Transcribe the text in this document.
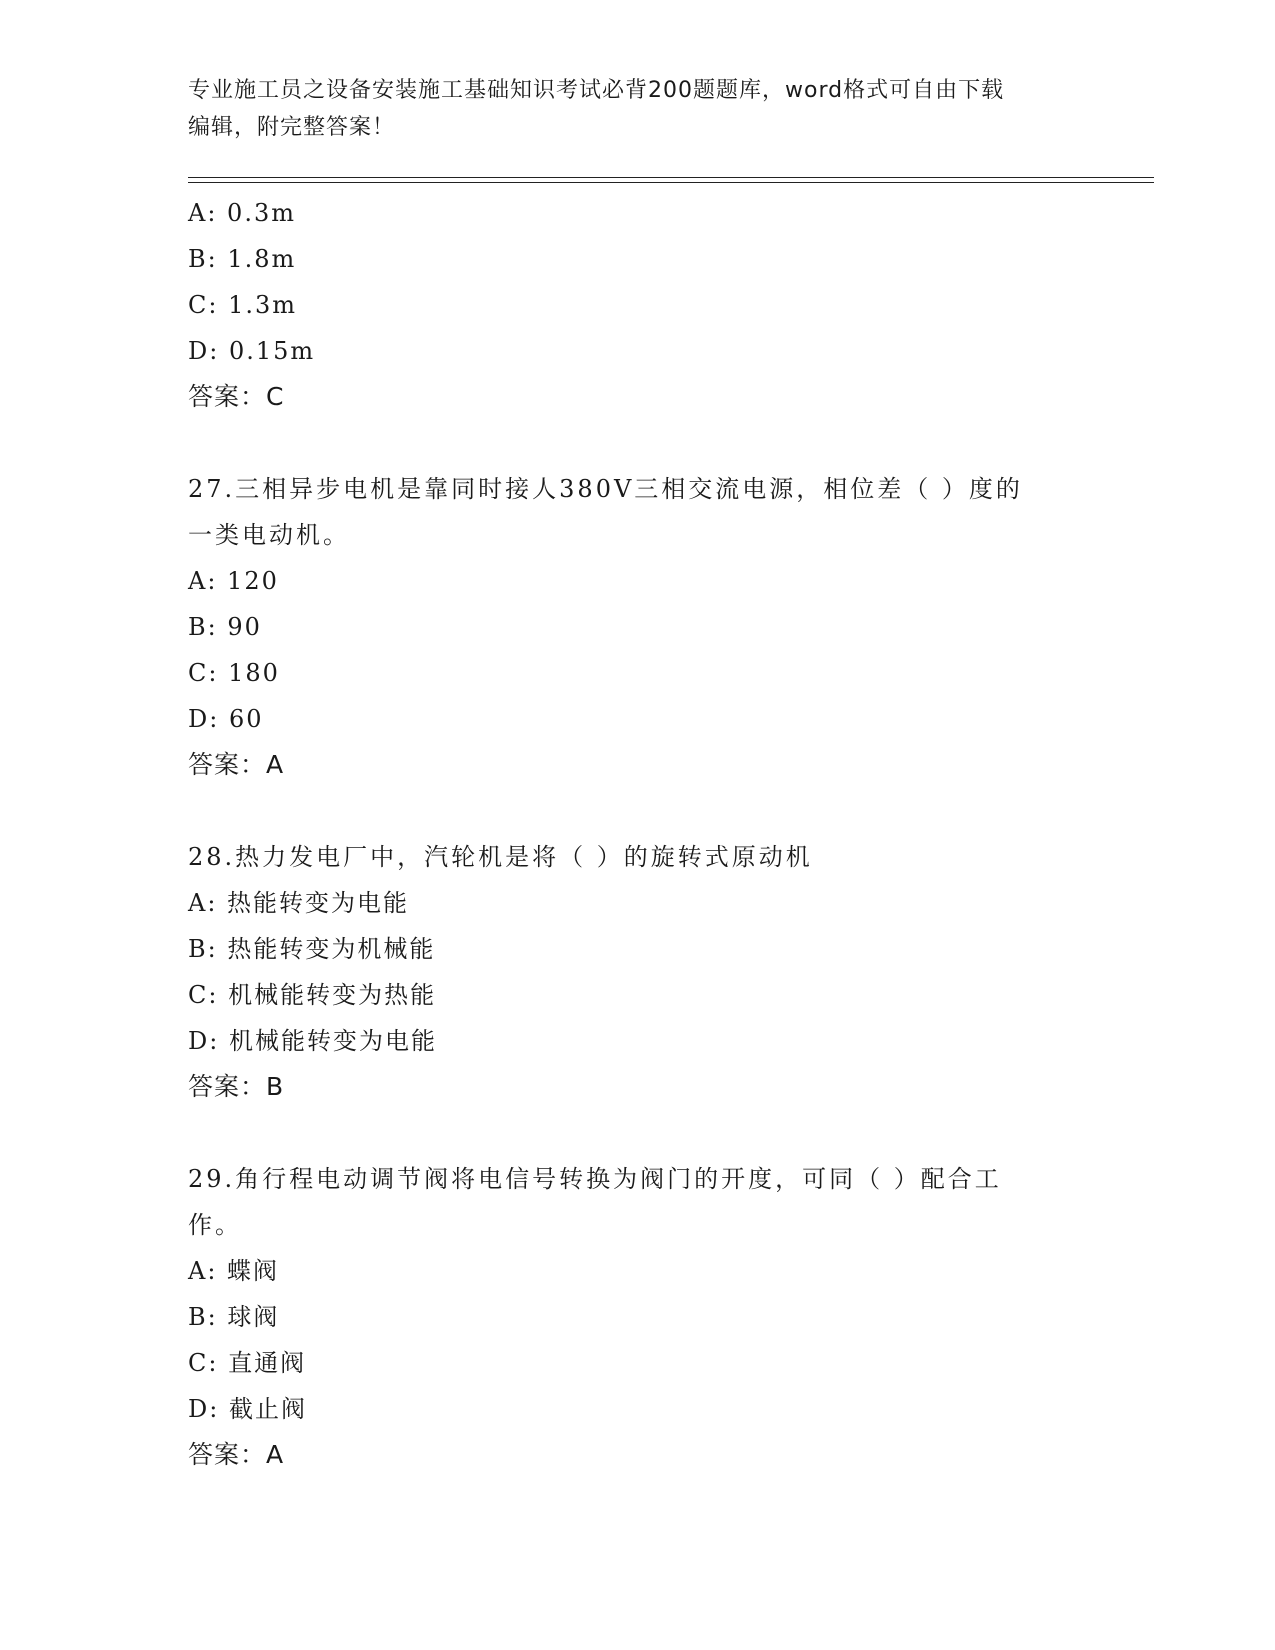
专业施工员之设备安装施工基础知识考试必背200题题库，word格式可自由下载
编辑，附完整答案！
A: 0.3m
B: 1.8m
C: 1.3m
D: 0.15m
答案：C
27.三相异步电机是靠同时接人380V三相交流电源，相位差（ ）度的
一类电动机。
A: 120
B: 90
C: 180
D: 60
答案：A
28.热力发电厂中，汽轮机是将（ ）的旋转式原动机
A: 热能转变为电能
B: 热能转变为机械能
C: 机械能转变为热能
D: 机械能转变为电能
答案：B
29.角行程电动调节阀将电信号转换为阀门的开度，可同（ ）配合工
作。
A: 蝶阀
B: 球阀
C: 直通阀
D: 截止阀
答案：A
